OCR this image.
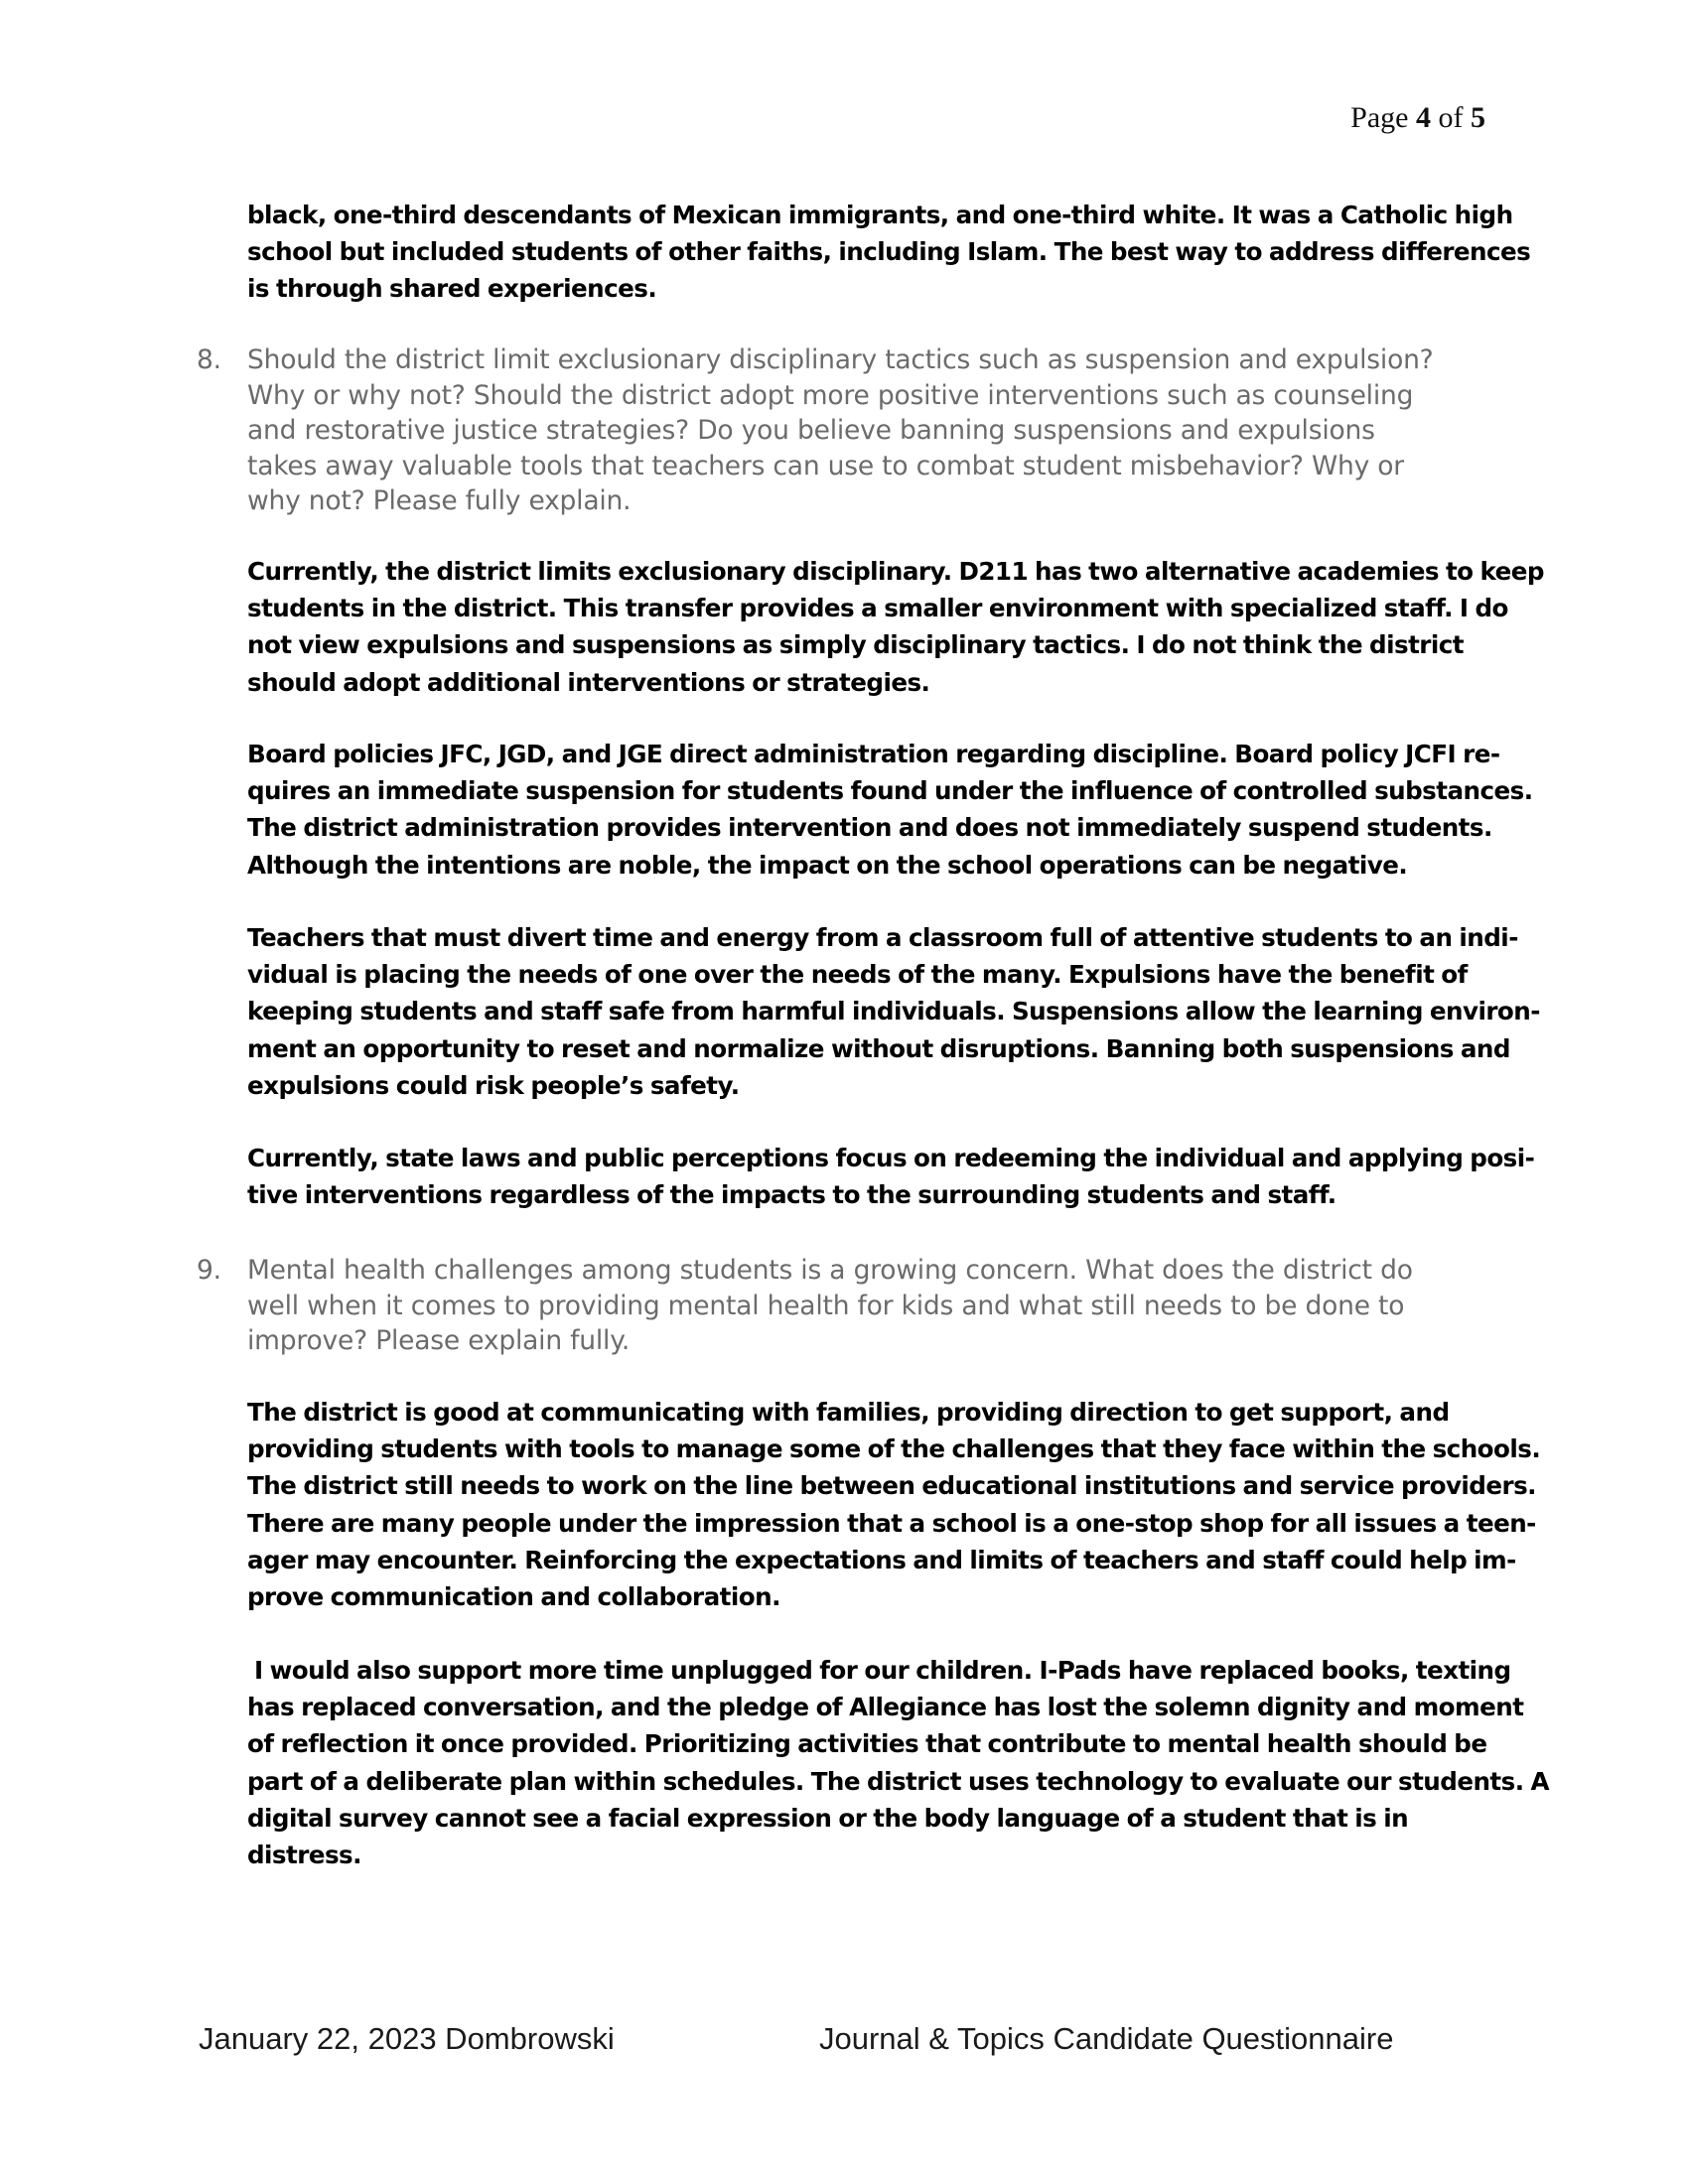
Page 4 of 5
black, one-third descendants of Mexican immigrants, and one-third white. It was a Catholic high
school but included students of other faiths, including Islam. The best way to address differences
is through shared experiences.
8. Should the district limit exclusionary disciplinary tactics such as suspension and expulsion?
Why or why not? Should the district adopt more positive interventions such as counseling
and restorative justice strategies? Do you believe banning suspensions and expulsions
takes away valuable tools that teachers can use to combat student misbehavior? Why or
why not? Please fully explain.
Currently, the district limits exclusionary disciplinary. D211 has two alternative academies to keep
students in the district. This transfer provides a smaller environment with specialized staff. I do
not view expulsions and suspensions as simply disciplinary tactics. I do not think the district
should adopt additional interventions or strategies.
Board policies JFC, JGD, and JGE direct administration regarding discipline. Board policy JCFI re-
quires an immediate suspension for students found under the influence of controlled substances.
The district administration provides intervention and does not immediately suspend students.
Although the intentions are noble, the impact on the school operations can be negative.
Teachers that must divert time and energy from a classroom full of attentive students to an indi-
vidual is placing the needs of one over the needs of the many. Expulsions have the benefit of
keeping students and staff safe from harmful individuals. Suspensions allow the learning environ-
ment an opportunity to reset and normalize without disruptions. Banning both suspensions and
expulsions could risk people’s safety.
Currently, state laws and public perceptions focus on redeeming the individual and applying posi-
tive interventions regardless of the impacts to the surrounding students and staff.
9. Mental health challenges among students is a growing concern. What does the district do
well when it comes to providing mental health for kids and what still needs to be done to
improve? Please explain fully.
The district is good at communicating with families, providing direction to get support, and
providing students with tools to manage some of the challenges that they face within the schools.
The district still needs to work on the line between educational institutions and service providers.
There are many people under the impression that a school is a one-stop shop for all issues a teen-
ager may encounter. Reinforcing the expectations and limits of teachers and staff could help im-
prove communication and collaboration.
I would also support more time unplugged for our children. I-Pads have replaced books, texting
has replaced conversation, and the pledge of Allegiance has lost the solemn dignity and moment
of reflection it once provided. Prioritizing activities that contribute to mental health should be
part of a deliberate plan within schedules. The district uses technology to evaluate our students. A
digital survey cannot see a facial expression or the body language of a student that is in
distress.
January 22, 2023 Dombrowski	Journal & Topics Candidate Questionnaire
